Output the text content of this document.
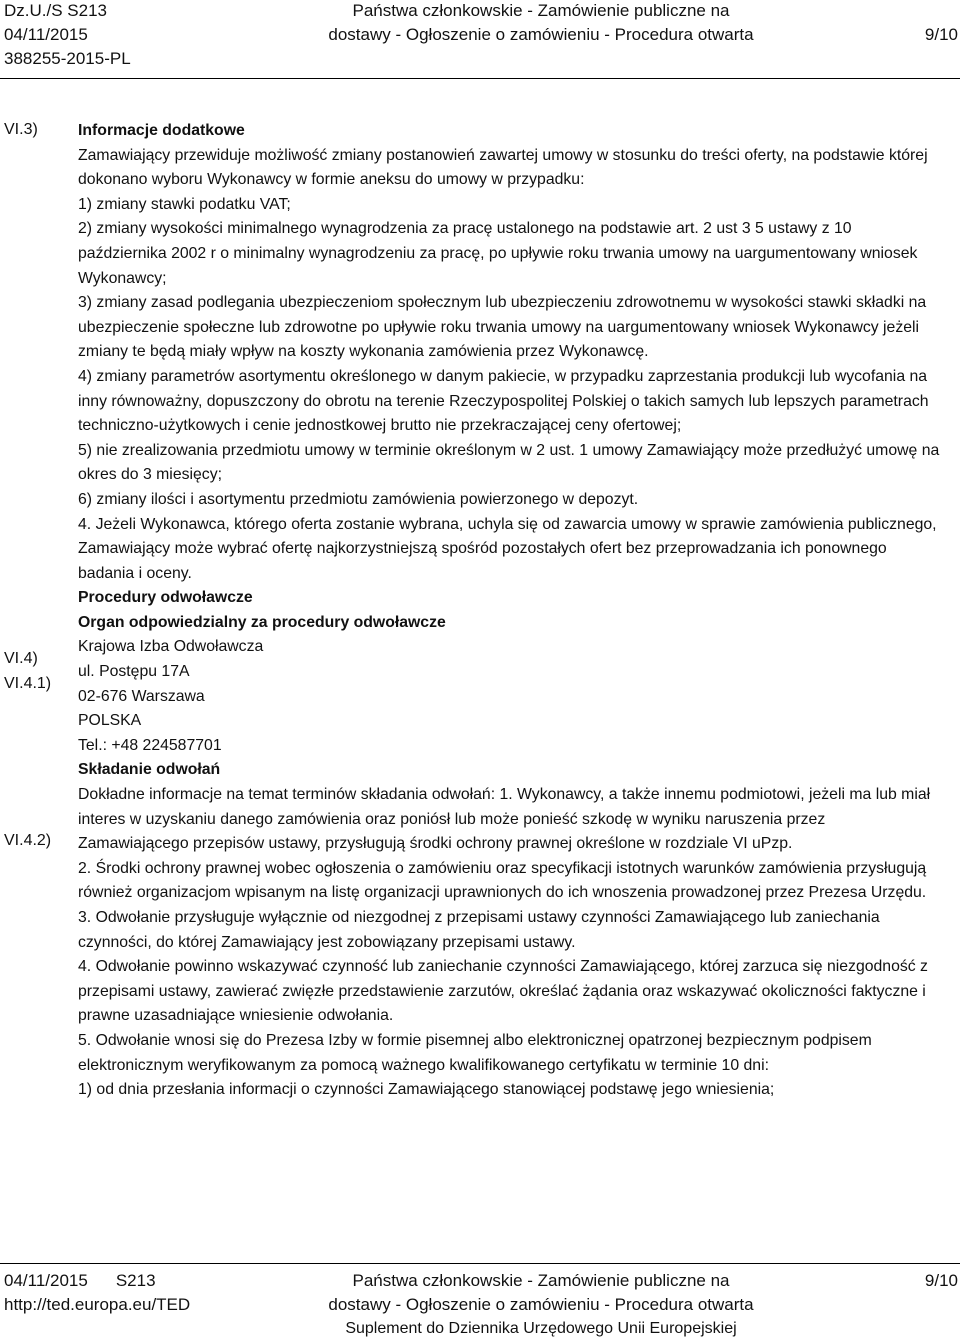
Dz.U./S S213
04/11/2015
388255-2015-PL
Państwa członkowskie - Zamówienie publiczne na
dostawy - Ogłoszenie o zamówieniu - Procedura otwarta	9/10
VI.3)
VI.4)
VI.4.1)
VI.4.2)

Informacje dodatkowe

Zamawiający przewiduje możliwość zmiany postanowień zawartej umowy w stosunku do treści oferty, na podstawie której dokonano wyboru Wykonawcy w formie aneksu do umowy w przypadku:

1) zmiany stawki podatku VAT;

2) zmiany wysokości minimalnego wynagrodzenia za pracę ustalonego na podstawie art. 2 ust 3 5 ustawy z 10 października 2002 r o minimalny wynagrodzeniu za pracę, po upływie roku trwania umowy na uargumentowany wniosek Wykonawcy;

3) zmiany zasad podlegania ubezpieczeniom społecznym lub ubezpieczeniu zdrowotnemu w wysokości stawki składki na ubezpieczenie społeczne lub zdrowotne po upływie roku trwania umowy na uargumentowany wniosek Wykonawcy jeżeli zmiany te będą miały wpływ na koszty wykonania zamówienia przez Wykonawcę.

4) zmiany parametrów asortymentu określonego w danym pakiecie, w przypadku zaprzestania produkcji lub wycofania na inny równoważny, dopuszczony do obrotu na terenie Rzeczypospolitej Polskiej o takich samych lub lepszych parametrach techniczno-użytkowych i cenie jednostkowej brutto nie przekraczającej ceny ofertowej;

5) nie zrealizowania przedmiotu umowy w terminie określonym w 2 ust. 1 umowy Zamawiający może przedłużyć umowę na okres do 3 miesięcy;

6) zmiany ilości i asortymentu przedmiotu zamówienia powierzonego w depozyt.

4. Jeżeli Wykonawca, którego oferta zostanie wybrana, uchyla się od zawarcia umowy w sprawie zamówienia publicznego, Zamawiający może wybrać ofertę najkorzystniejszą spośród pozostałych ofert bez przeprowadzania ich ponownego badania i oceny.

Procedury odwoławcze

Organ odpowiedzialny za procedury odwoławcze

Krajowa Izba Odwoławcza

ul. Postępu 17A

02-676 Warszawa

POLSKA

Tel.: +48 224587701

Składanie odwołań

Dokładne informacje na temat terminów składania odwołań: 1. Wykonawcy, a także innemu podmiotowi, jeżeli ma lub miał interes w uzyskaniu danego zamówienia oraz poniósł lub może ponieść szkodę w wyniku naruszenia przez Zamawiającego przepisów ustawy, przysługują środki ochrony prawnej określone w rozdziale VI uPzp.

2. Środki ochrony prawnej wobec ogłoszenia o zamówieniu oraz specyfikacji istotnych warunków zamówienia przysługują również organizacjom wpisanym na listę organizacji uprawnionych do ich wnoszenia prowadzonej przez Prezesa Urzędu.

3. Odwołanie przysługuje wyłącznie od niezgodnej z przepisami ustawy czynności Zamawiającego lub zaniechania czynności, do której Zamawiający jest zobowiązany przepisami ustawy.

4. Odwołanie powinno wskazywać czynność lub zaniechanie czynności Zamawiającego, której zarzuca się niezgodność z przepisami ustawy, zawierać zwięzłe przedstawienie zarzutów, określać żądania oraz wskazywać okoliczności faktyczne i prawne uzasadniające wniesienie odwołania.

5. Odwołanie wnosi się do Prezesa Izby w formie pisemnej albo elektronicznej opatrzonej bezpiecznym podpisem elektronicznym weryfikowanym za pomocą ważnego kwalifikowanego certyfikatu w terminie 10 dni:

1) od dnia przesłania informacji o czynności Zamawiającego stanowiącej podstawę jego wniesienia;

04/11/2015 S213
http://ted.europa.eu/TED
Państwa członkowskie - Zamówienie publiczne na
dostawy - Ogłoszenie o zamówieniu - Procedura otwarta
Suplement do Dziennika Urzędowego Unii Europejskiej
9/10
